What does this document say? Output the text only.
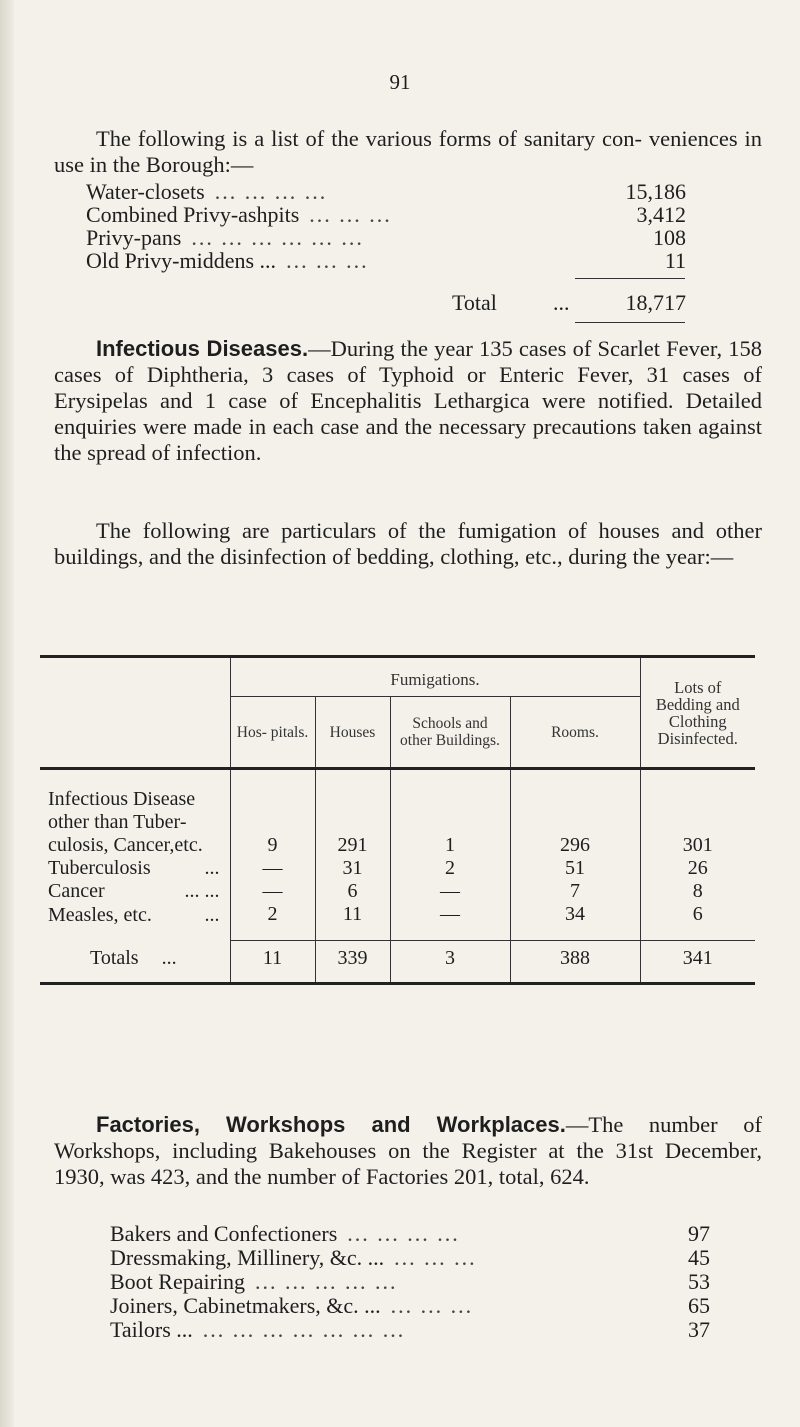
91
The following is a list of the various forms of sanitary con- veniences in use in the Borough:—
Water-closets ... ... ... ...	15,186
Combined Privy-ashpits ... ... ...	3,412
Privy-pans ... ... ... ... ... ...	108
Old Privy-middens ... ... ... ...	11
Total	...	18,717
Infectious Diseases.—During the year 135 cases of Scarlet Fever, 158 cases of Diphtheria, 3 cases of Typhoid or Enteric Fever, 31 cases of Erysipelas and 1 case of Encephalitis Lethargica were notified. Detailed enquiries were made in each case and the necessary precautions taken against the spread of infection.
The following are particulars of the fumigation of houses and other buildings, and the disinfection of bedding, clothing, etc., during the year:—
	Fumigations.				Lots of Bedding and Clothing Disinfected.
	Hos- pitals.	Houses	Schools and other Buildings.	Rooms.	
Infectious Disease other than Tuber- culosis, Cancer,etc.	9	291	1	296	301
Tuberculosis ...	—	31	2	51	26
Cancer ... ...	—	6	—	7	8
Measles, etc. ...	2	11	—	34	6
Totals ...	11	339	3	388	341
Factories, Workshops and Workplaces.—The number of Workshops, including Bakehouses on the Register at the 31st December, 1930, was 423, and the number of Factories 201, total, 624.
Bakers and Confectioners ... ... ... ...	97
Dressmaking, Millinery, &c. ... ... ... ...	45
Boot Repairing ... ... ... ... ...	53
Joiners, Cabinetmakers, &c. ... ... ... ...	65
Tailors ... ... ... ... ... ... ... ...	37
